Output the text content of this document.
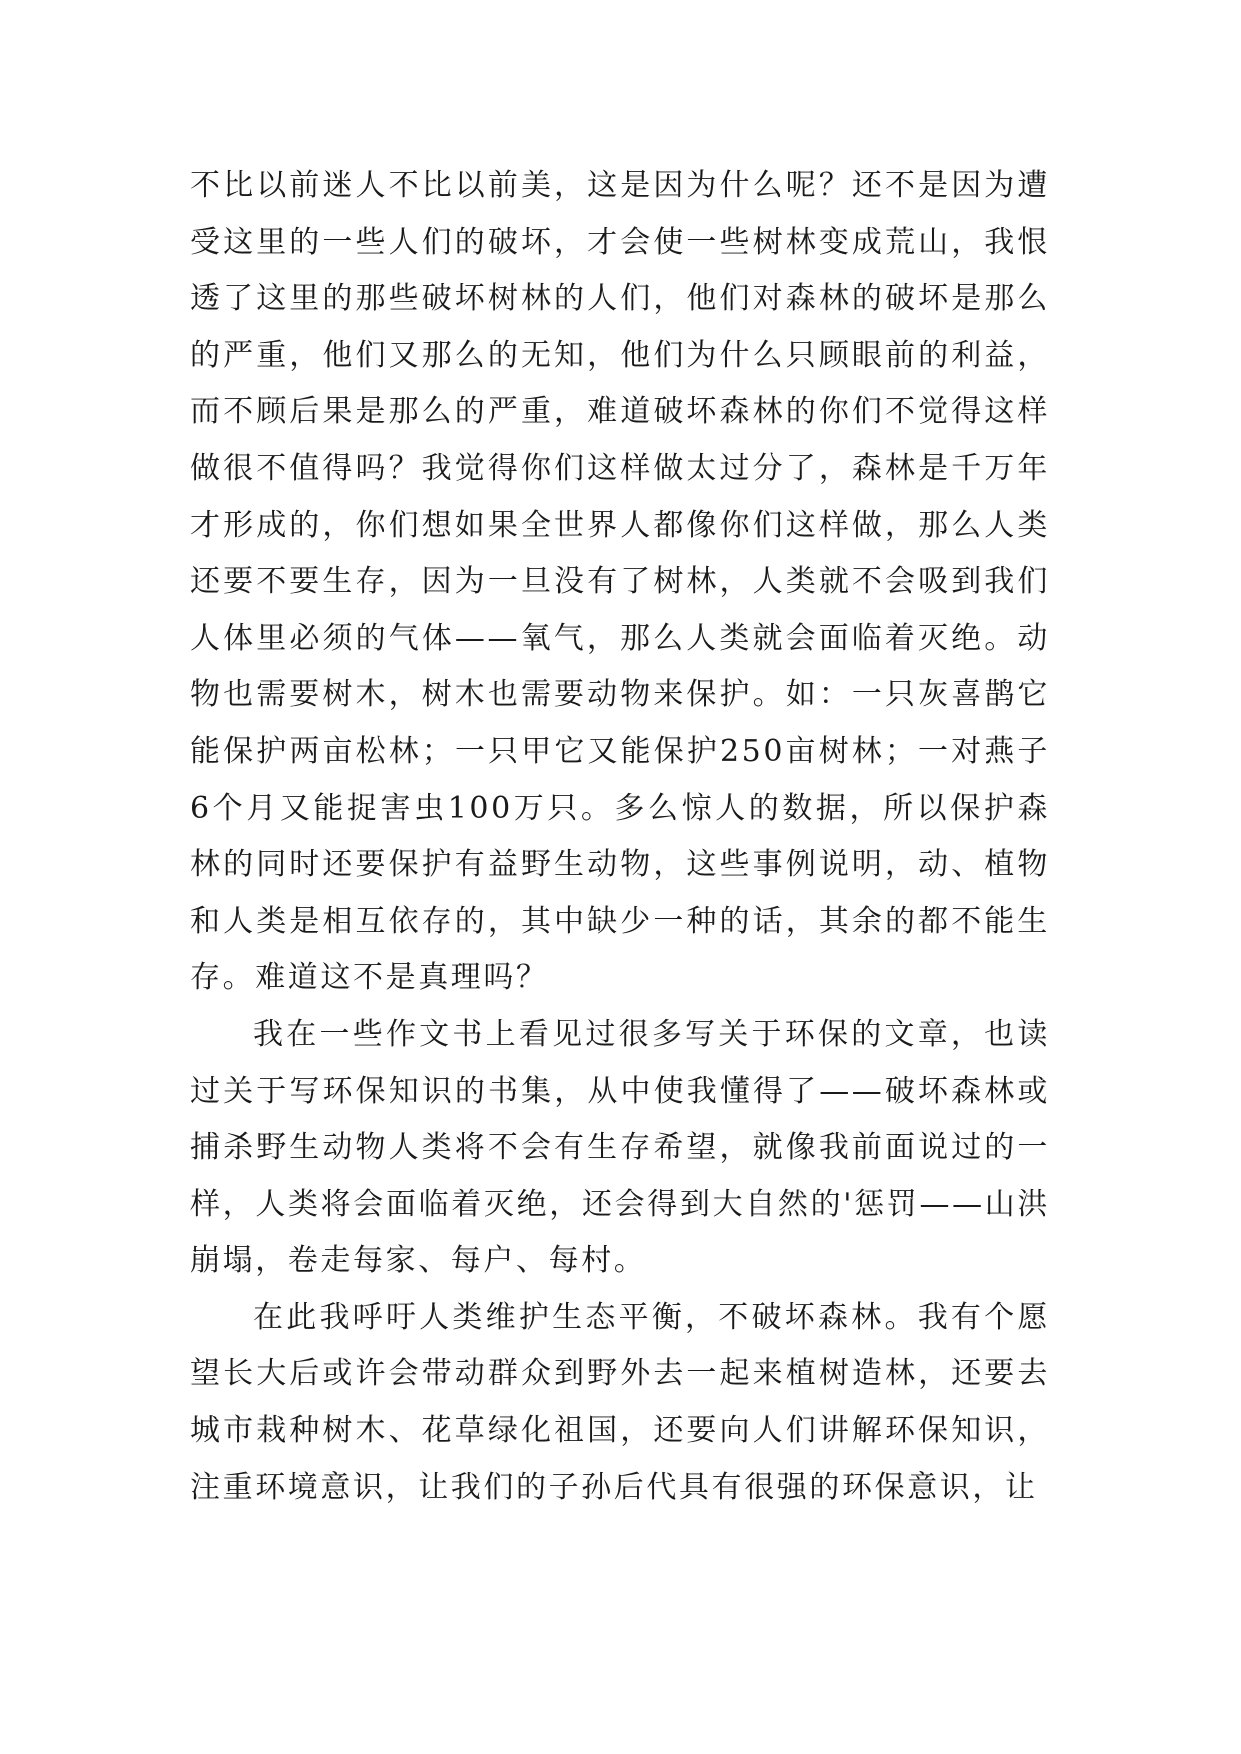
不比以前迷人不比以前美，这是因为什么呢？还不是因为遭受这里的一些人们的破坏，才会使一些树林变成荒山，我恨透了这里的那些破坏树林的人们，他们对森林的破坏是那么的严重，他们又那么的无知，他们为什么只顾眼前的利益，而不顾后果是那么的严重，难道破坏森林的你们不觉得这样做很不值得吗？我觉得你们这样做太过分了，森林是千万年才形成的，你们想如果全世界人都像你们这样做，那么人类还要不要生存，因为一旦没有了树林，人类就不会吸到我们人体里必须的气体——氧气，那么人类就会面临着灭绝。动物也需要树木，树木也需要动物来保护。如：一只灰喜鹊它能保护两亩松林；一只甲它又能保护250亩树林；一对燕子6个月又能捉害虫100万只。多么惊人的数据，所以保护森林的同时还要保护有益野生动物，这些事例说明，动、植物和人类是相互依存的，其中缺少一种的话，其余的都不能生存。难道这不是真理吗？

我在一些作文书上看见过很多写关于环保的文章，也读过关于写环保知识的书集，从中使我懂得了——破坏森林或捕杀野生动物人类将不会有生存希望，就像我前面说过的一样，人类将会面临着灭绝，还会得到大自然的'惩罚——山洪崩塌，卷走每家、每户、每村。

在此我呼吁人类维护生态平衡，不破坏森林。我有个愿望长大后或许会带动群众到野外去一起来植树造林，还要去城市栽种树木、花草绿化祖国，还要向人们讲解环保知识，注重环境意识，让我们的子孙后代具有很强的环保意识，让
